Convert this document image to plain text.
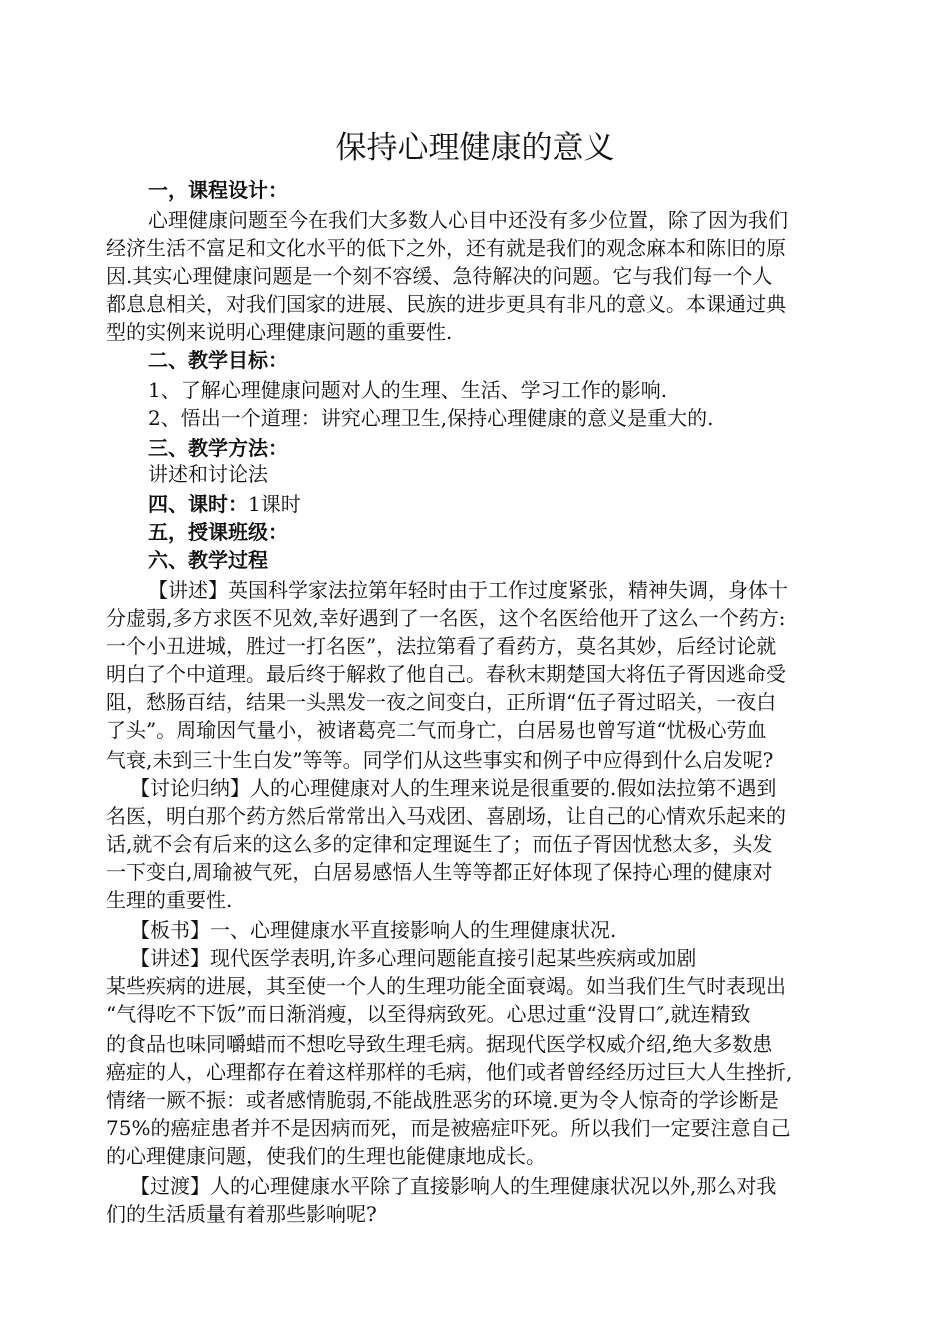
保持心理健康的意义
一，课程设计：
心理健康问题至今在我们大多数人心目中还没有多少位置，除了因为我们
经济生活不富足和文化水平的低下之外，还有就是我们的观念麻本和陈旧的原
因.其实心理健康问题是一个刻不容缓、急待解决的问题。它与我们每一个人
都息息相关，对我们国家的进展、民族的进步更具有非凡的意义。本课通过典
型的实例来说明心理健康问题的重要性.
二、教学目标：
1、了解心理健康问题对人的生理、生活、学习工作的影响.
2、悟出一个道理：讲究心理卫生,保持心理健康的意义是重大的.
三、教学方法：
讲述和讨论法
四、课时：1课时
五，授课班级：
六、教学过程
【讲述】英国科学家法拉第年轻时由于工作过度紧张，精神失调，身体十
分虚弱,多方求医不见效,幸好遇到了一名医，这个名医给他开了这么一个药方:
一个小丑进城，胜过一打名医”，法拉第看了看药方，莫名其妙，后经讨论就
明白了个中道理。最后终于解救了他自己。春秋末期楚国大将伍子胥因逃命受
阻，愁肠百结，结果一头黑发一夜之间变白，正所谓“伍子胥过昭关，一夜白
了头”。周瑜因气量小，被诸葛亮二气而身亡，白居易也曾写道“忧极心劳血
气衰,未到三十生白发”等等。同学们从这些事实和例子中应得到什么启发呢?
【讨论归纳】人的心理健康对人的生理来说是很重要的.假如法拉第不遇到
名医，明白那个药方然后常常出入马戏团、喜剧场，让自己的心情欢乐起来的
话,就不会有后来的这么多的定律和定理诞生了；而伍子胥因忧愁太多，头发
一下变白,周瑜被气死，白居易感悟人生等等都正好体现了保持心理的健康对
生理的重要性.
【板书】一、心理健康水平直接影响人的生理健康状况.
【讲述】现代医学表明,许多心理问题能直接引起某些疾病或加剧
某些疾病的进展，其至使一个人的生理功能全面衰竭。如当我们生气时表现出
“气得吃不下饭”而日渐消瘦，以至得病致死。心思过重“没胃口″,就连精致
的食品也味同嚼蜡而不想吃导致生理毛病。据现代医学权威介绍,绝大多数患
癌症的人，心理都存在着这样那样的毛病，他们或者曾经经历过巨大人生挫折,
情绪一厥不振：或者感情脆弱,不能战胜恶劣的环境.更为令人惊奇的学诊断是
75%的癌症患者并不是因病而死，而是被癌症吓死。所以我们一定要注意自己
的心理健康问题，使我们的生理也能健康地成长。
【过渡】人的心理健康水平除了直接影响人的生理健康状况以外,那么对我
们的生活质量有着那些影响呢?
